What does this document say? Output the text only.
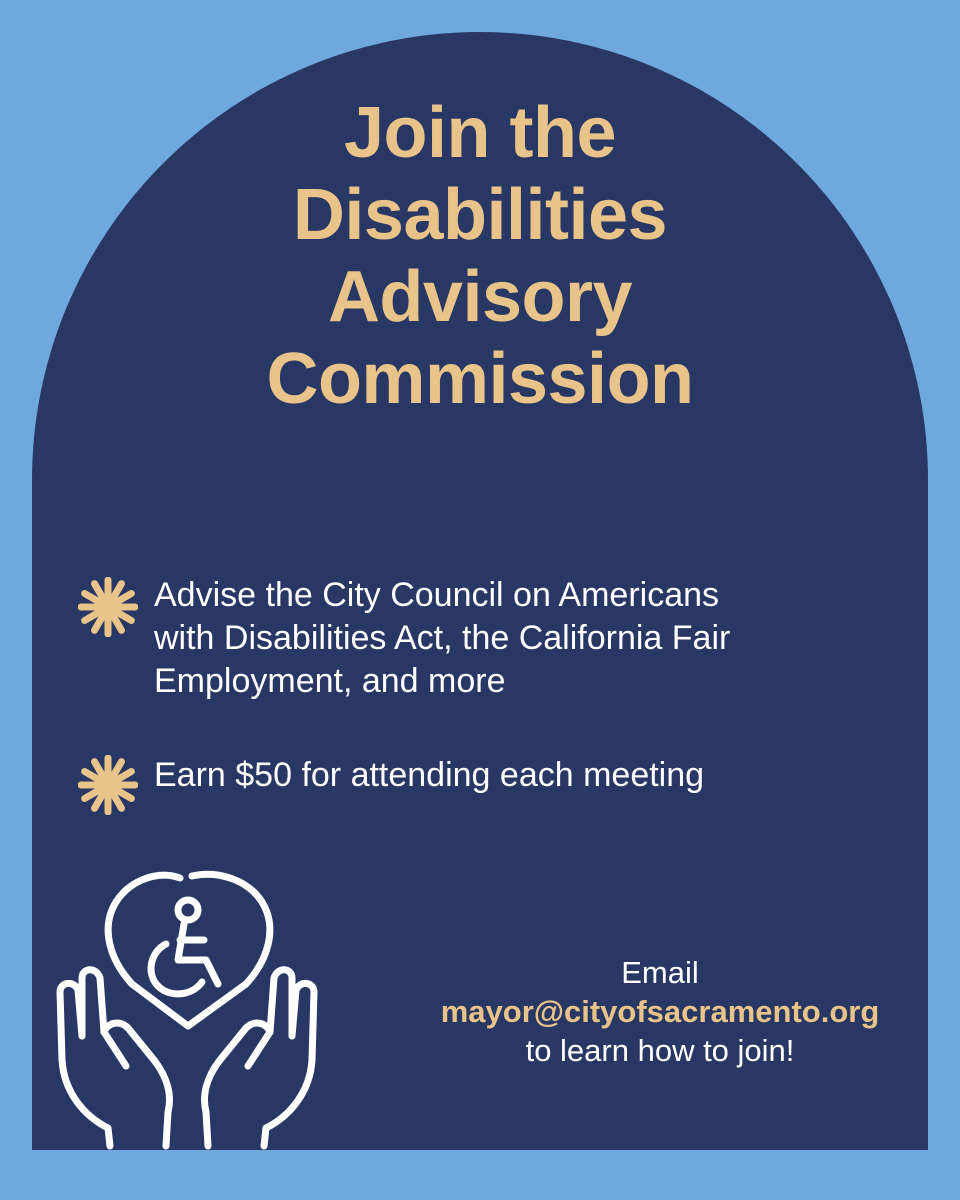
Join the
Disabilities
Advisory
Commission
Advise the City Council on Americans
with Disabilities Act, the California Fair
Employment, and more
Earn $50 for attending each meeting
Email
mayor@cityofsacramento.org
to learn how to join!
